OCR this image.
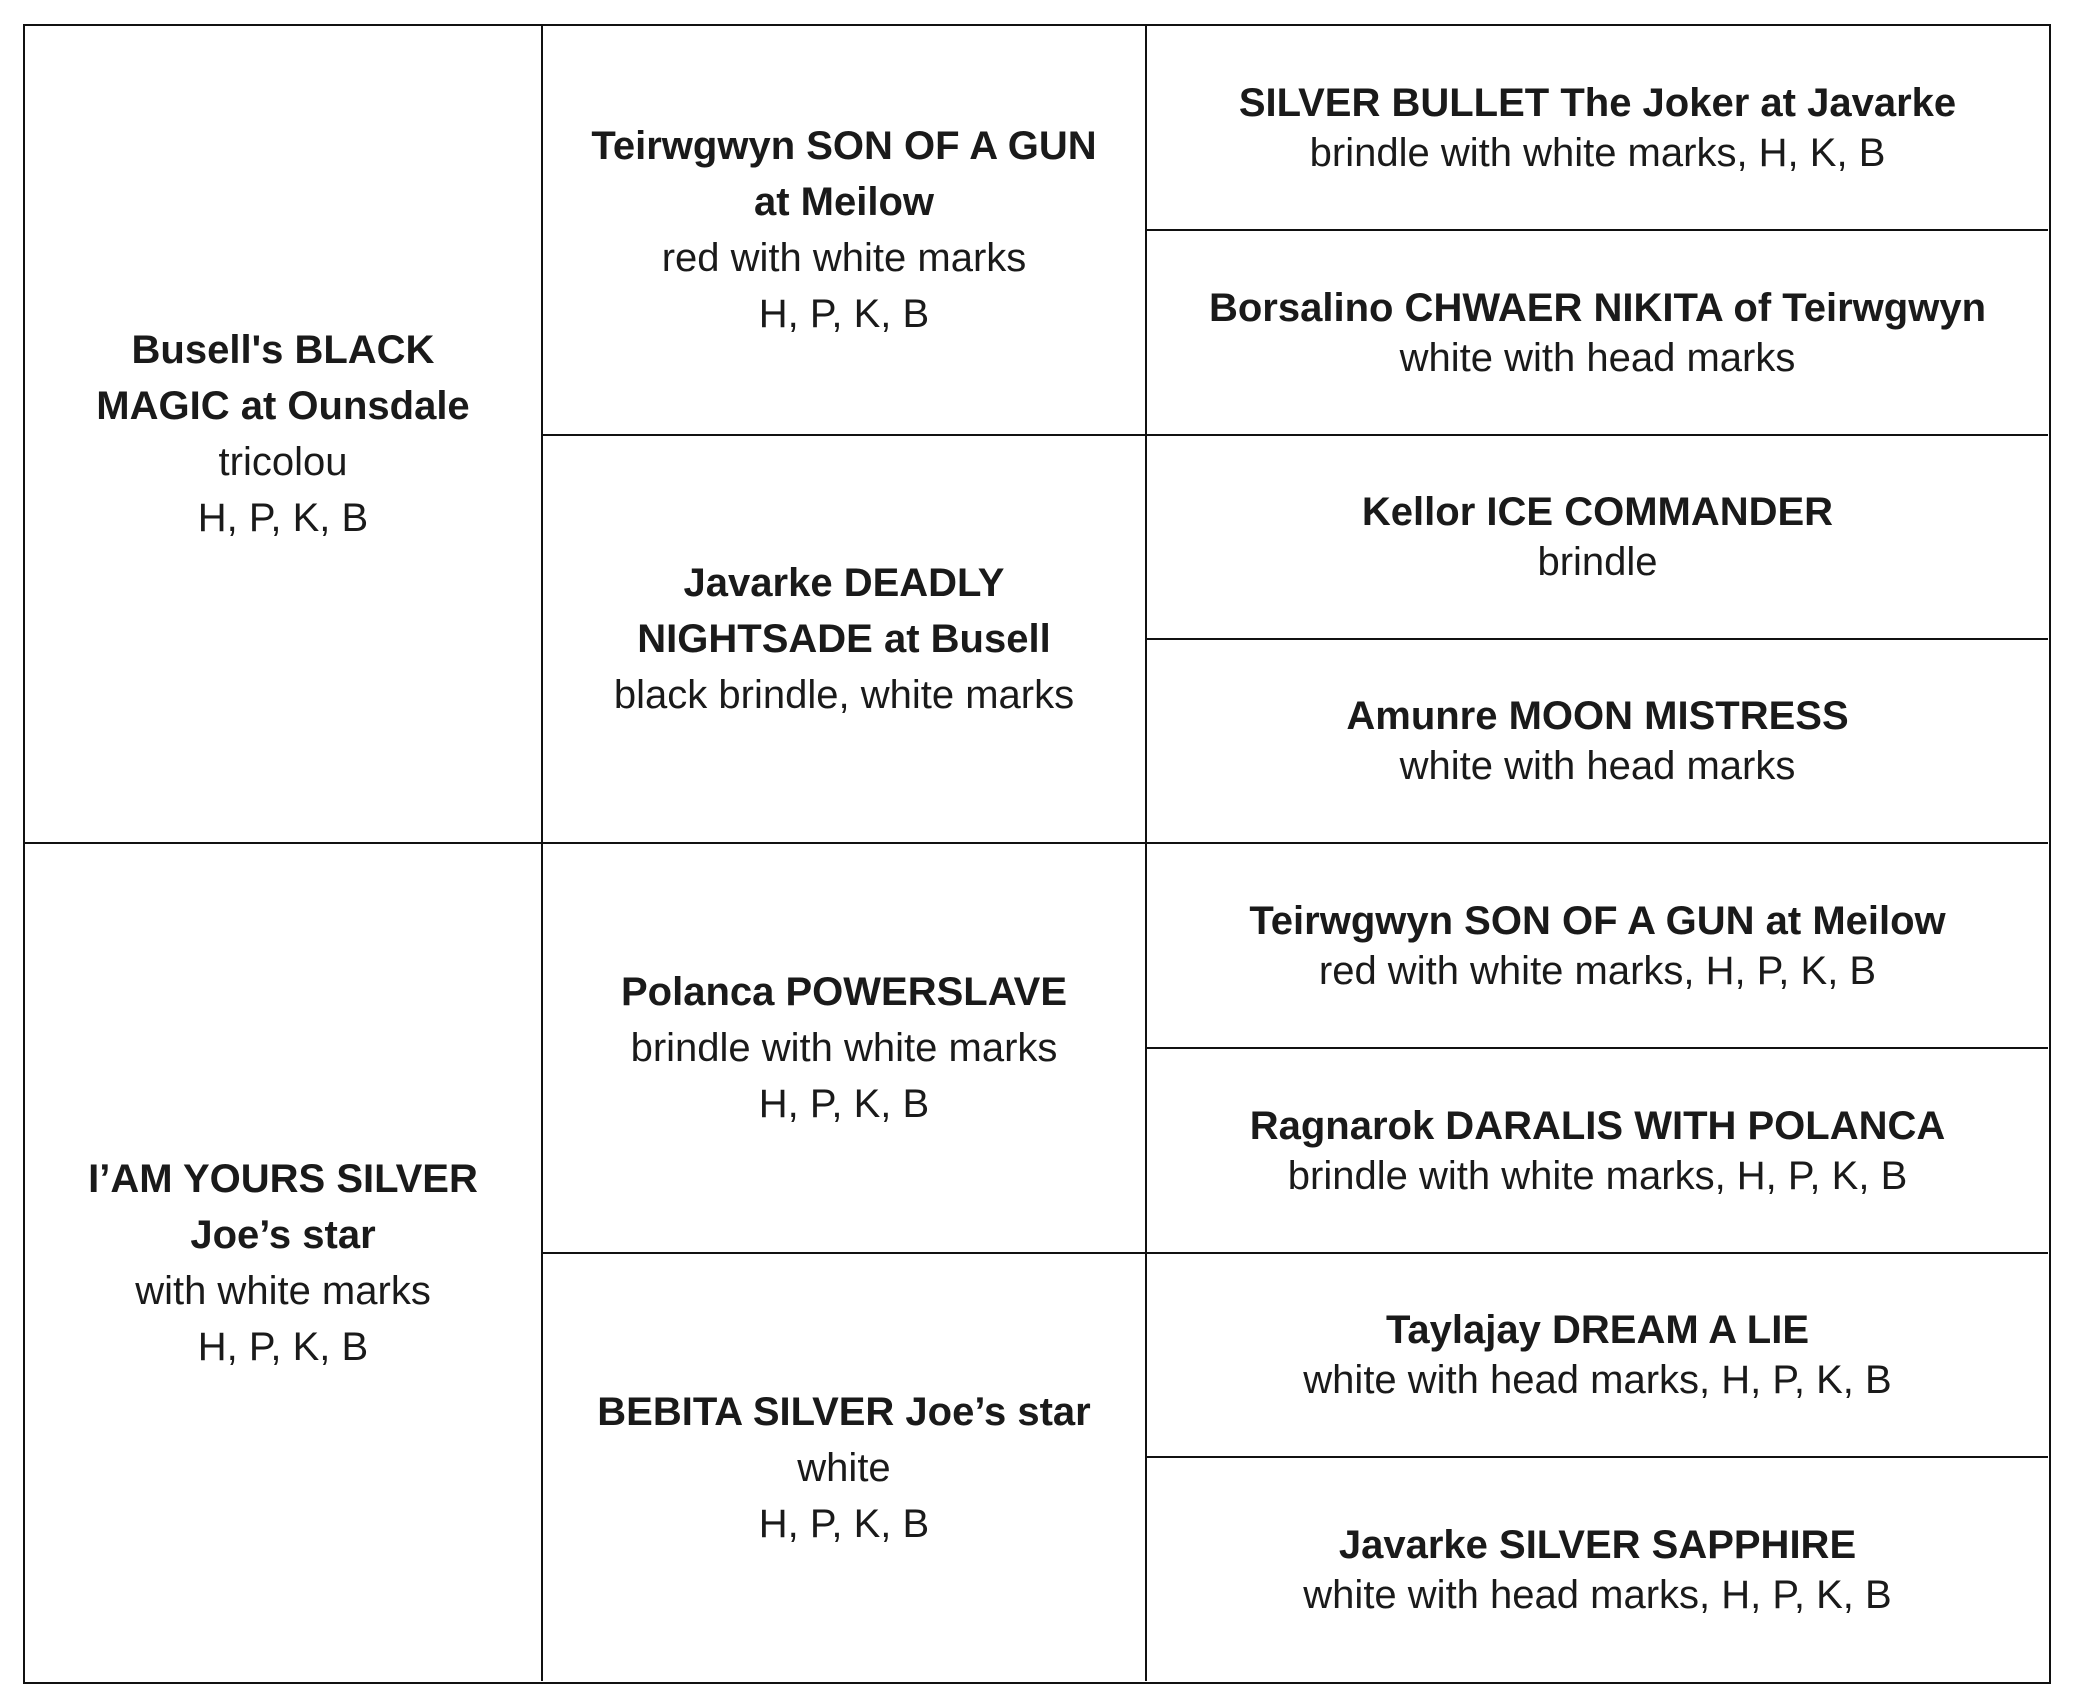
Busell's BLACK
MAGIC at Ounsdale
tricolou
H, P, K, B
I’AM YOURS SILVER
Joe’s star
with white marks
H, P, K, B
Teirwgwyn SON OF A GUN
at Meilow
red with white marks
H, P, K, B
Javarke DEADLY
NIGHTSADE at Busell
black brindle, white marks
Polanca POWERSLAVE
brindle with white marks
H, P, K, B
BEBITA SILVER Joe’s star
white
H, P, K, B
SILVER BULLET The Joker at Javarke
brindle with white marks, H, K, B
Borsalino CHWAER NIKITA of Teirwgwyn
white with head marks
Kellor ICE COMMANDER
brindle
Amunre MOON MISTRESS
white with head marks
Teirwgwyn SON OF A GUN at Meilow
red with white marks, H, P, K, B
Ragnarok DARALIS WITH POLANCA
brindle with white marks, H, P, K, B
Taylajay DREAM A LIE
white with head marks, H, P, K, B
Javarke SILVER SAPPHIRE
white with head marks, H, P, K, B
